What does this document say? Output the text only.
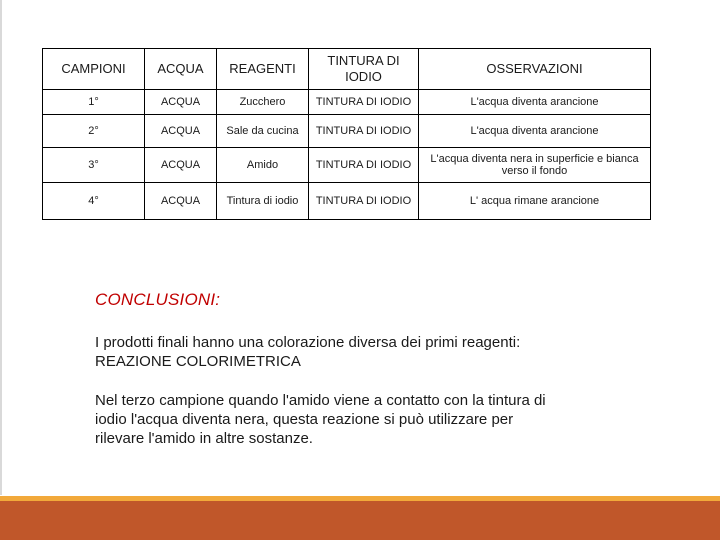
CAMPIONI	ACQUA	REAGENTI	TINTURA DI IODIO	OSSERVAZIONI
1°	ACQUA	Zucchero	TINTURA DI IODIO	L'acqua diventa arancione
2°	ACQUA	Sale da cucina	TINTURA DI IODIO	L'acqua diventa arancione
3°	ACQUA	Amido	TINTURA DI IODIO	L'acqua diventa nera in superficie e bianca verso il fondo
4°	ACQUA	Tintura di iodio	TINTURA DI IODIO	L' acqua rimane arancione
CONCLUSIONI:

I prodotti finali hanno una colorazione diversa dei primi reagenti:
REAZIONE COLORIMETRICA

Nel terzo campione quando l'amido viene a contatto con la tintura di
iodio l'acqua diventa nera, questa reazione si può utilizzare per
rilevare l'amido in altre sostanze.
